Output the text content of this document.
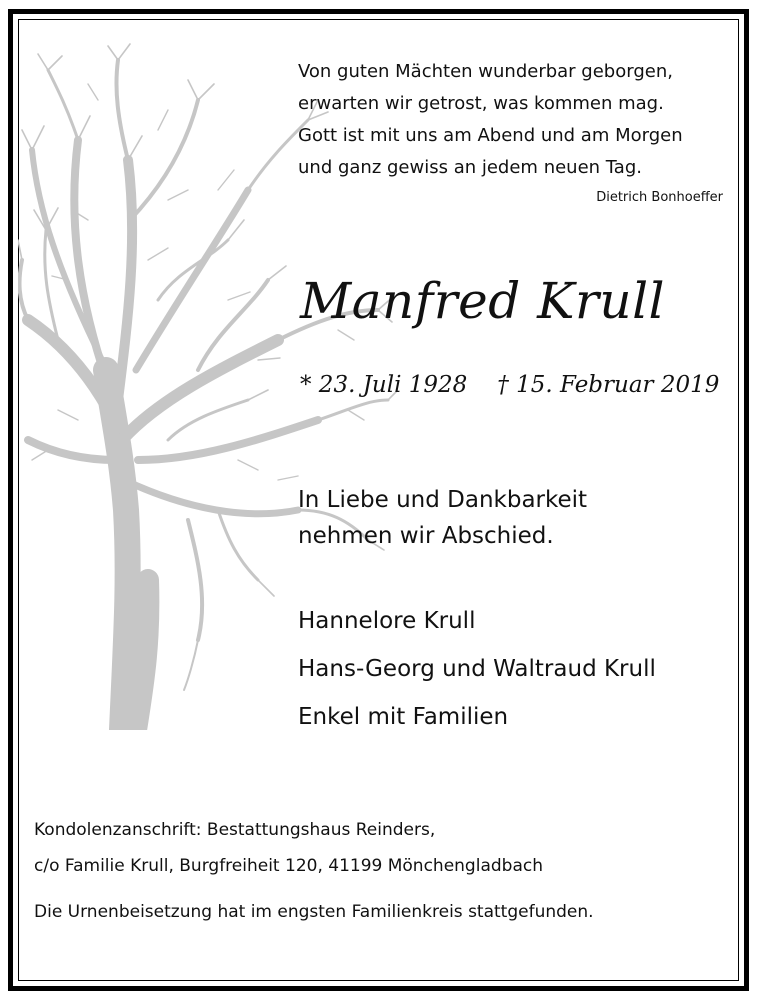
Von guten Mächten wunderbar geborgen,
erwarten wir getrost, was kommen mag.
Gott ist mit uns am Abend und am Morgen
und ganz gewiss an jedem neuen Tag.
Dietrich Bonhoeffer
Manfred Krull
* 23. Juli 1928 † 15. Februar 2019
In Liebe und Dankbarkeit
nehmen wir Abschied.
Hannelore Krull
Hans-Georg und Waltraud Krull
Enkel mit Familien
Kondolenzanschrift: Bestattungshaus Reinders,
c/o Familie Krull, Burgfreiheit 120, 41199 Mönchengladbach
Die Urnenbeisetzung hat im engsten Familienkreis stattgefunden.
